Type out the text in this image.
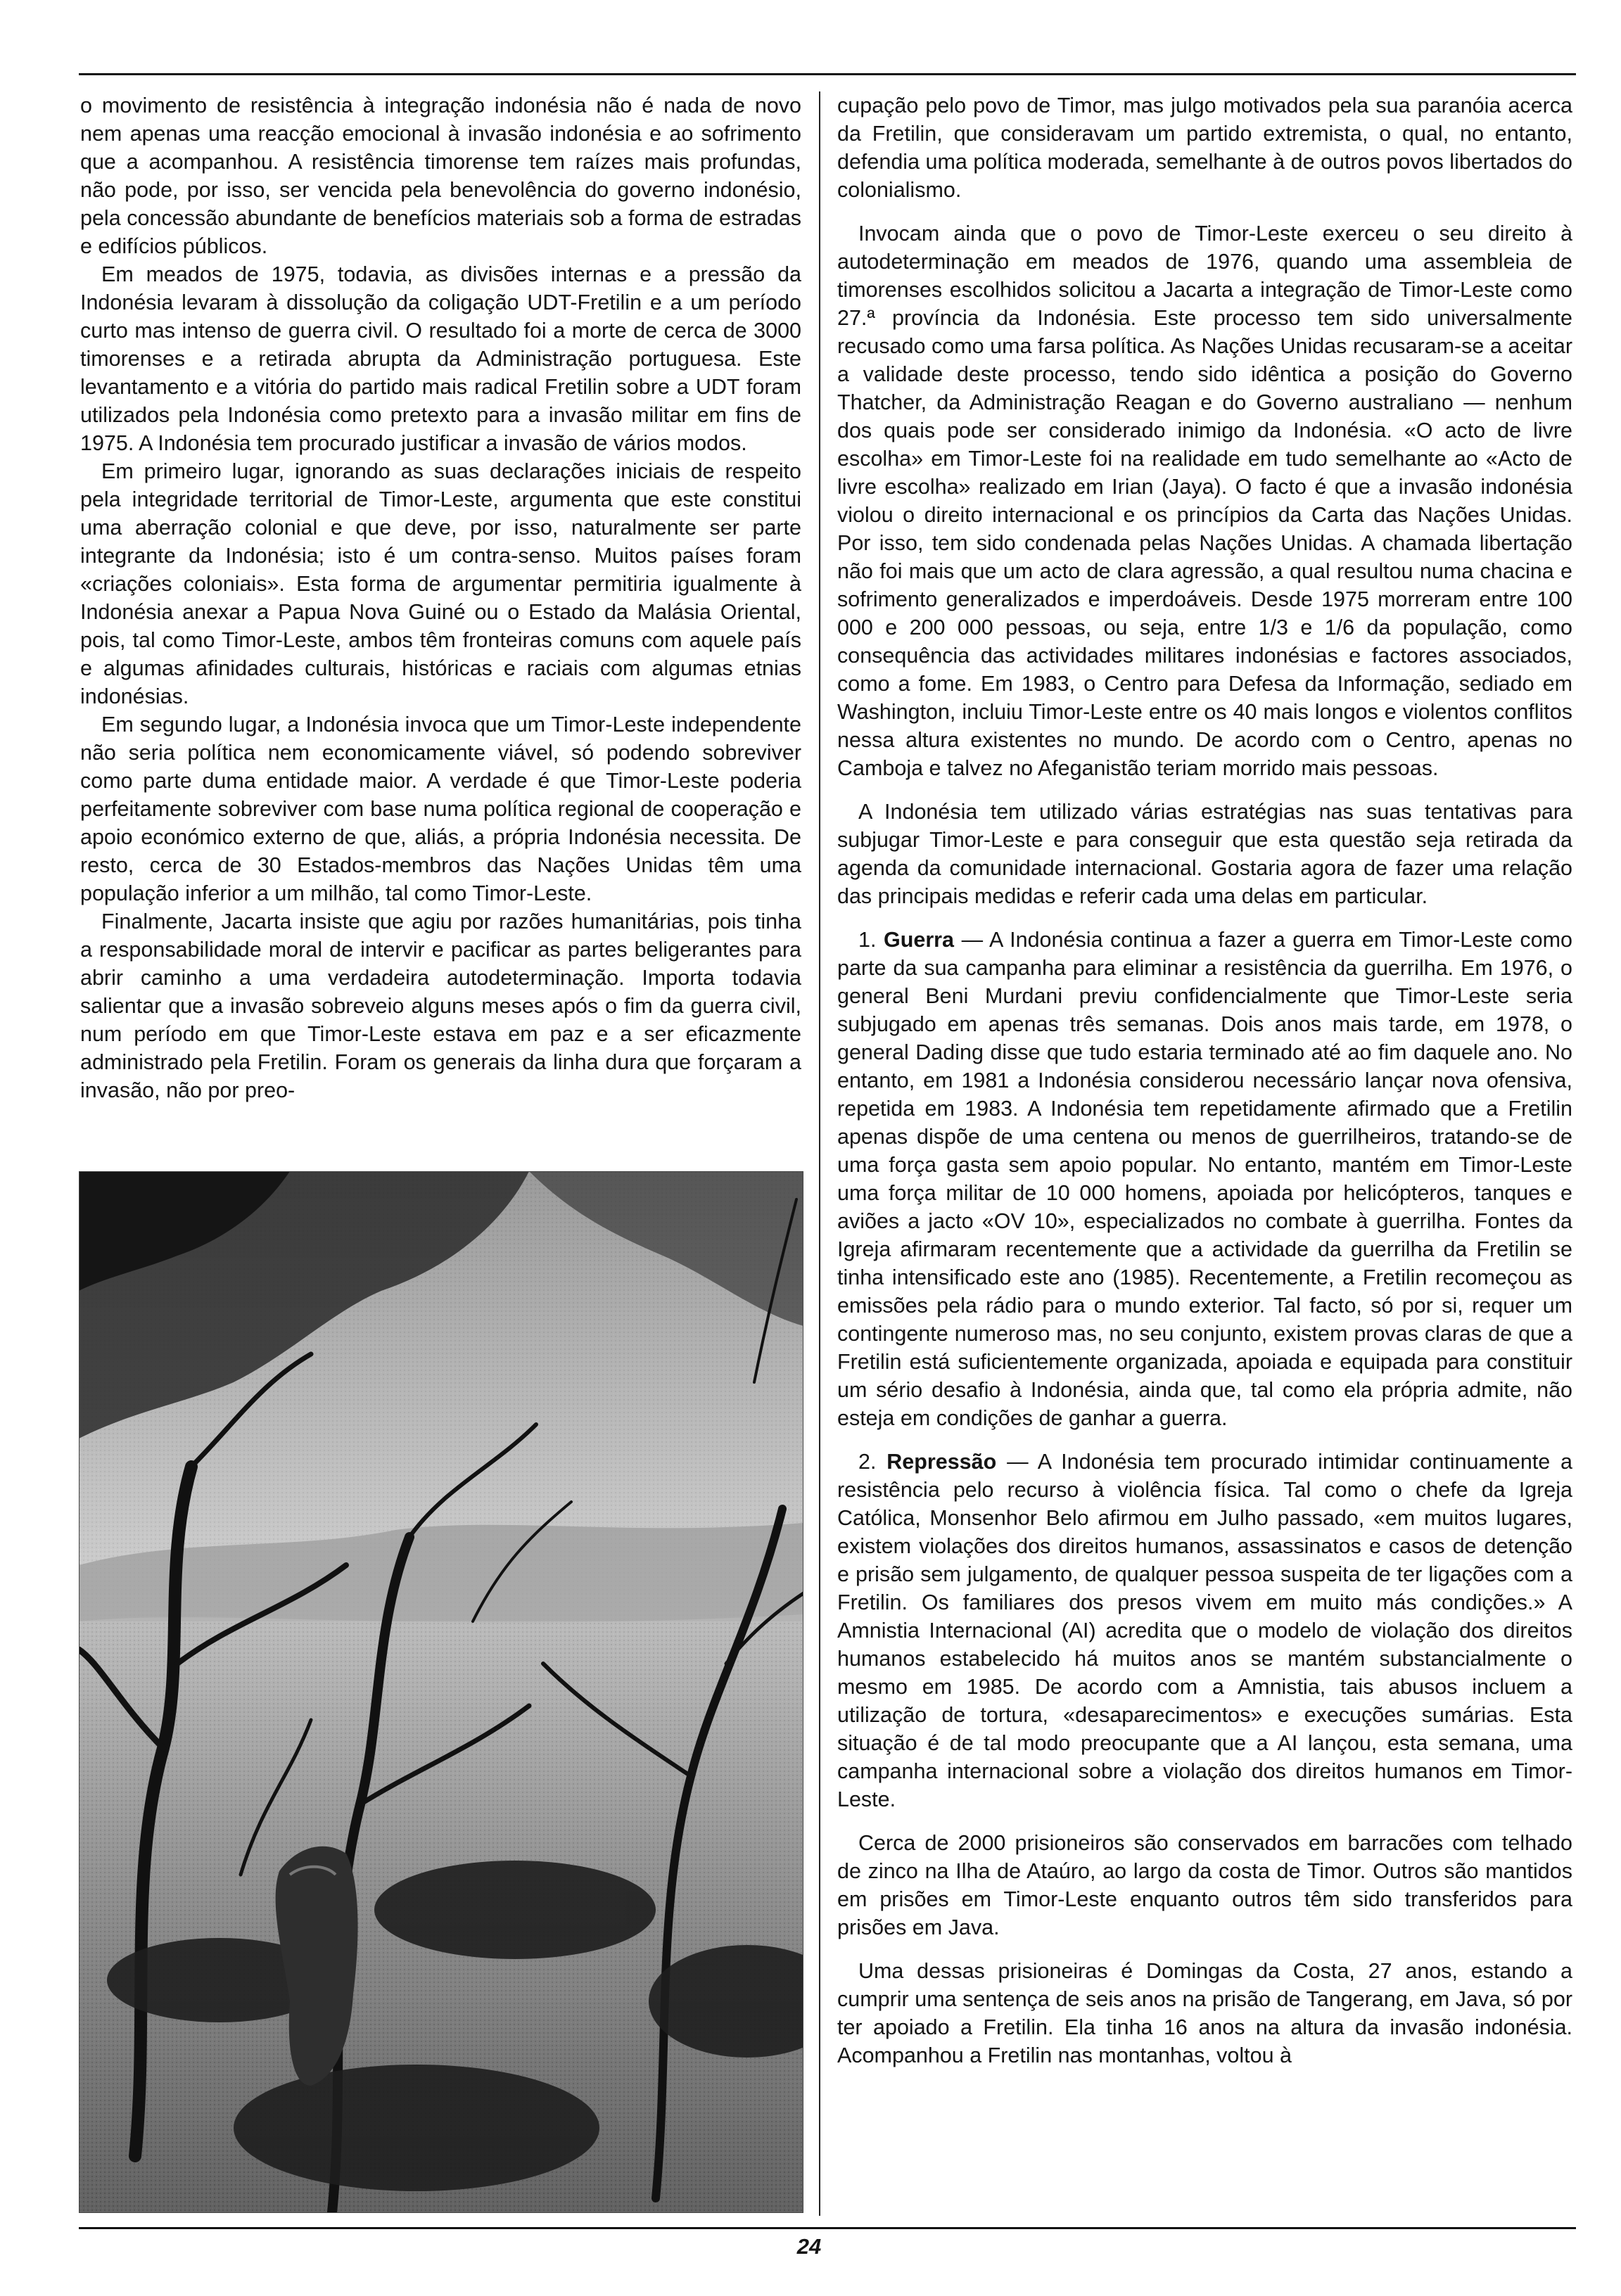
o movimento de resistência à integração indonésia não é nada de novo nem apenas uma reacção emocional à invasão indonésia e ao sofrimento que a acompanhou. A resistência timorense tem raízes mais profundas, não pode, por isso, ser vencida pela benevolência do governo indonésio, pela concessão abundante de benefícios materiais sob a forma de estradas e edifícios públicos.

Em meados de 1975, todavia, as divisões internas e a pressão da Indonésia levaram à dissolução da coligação UDT-Fretilin e a um período curto mas intenso de guerra civil. O resultado foi a morte de cerca de 3000 timorenses e a retirada abrupta da Administração portuguesa. Este levantamento e a vitória do partido mais radical Fretilin sobre a UDT foram utilizados pela Indonésia como pretexto para a invasão militar em fins de 1975. A Indonésia tem procurado justificar a invasão de vários modos.

Em primeiro lugar, ignorando as suas declarações iniciais de respeito pela integridade territorial de Timor-Leste, argumenta que este constitui uma aberração colonial e que deve, por isso, naturalmente ser parte integrante da Indonésia; isto é um contra-senso. Muitos países foram «criações coloniais». Esta forma de argumentar permitiria igualmente à Indonésia anexar a Papua Nova Guiné ou o Estado da Malásia Oriental, pois, tal como Timor-Leste, ambos têm fronteiras comuns com aquele país e algumas afinidades culturais, históricas e raciais com algumas etnias indonésias.

Em segundo lugar, a Indonésia invoca que um Timor-Leste independente não seria política nem economicamente viável, só podendo sobreviver como parte duma entidade maior. A verdade é que Timor-Leste poderia perfeitamente sobreviver com base numa política regional de cooperação e apoio económico externo de que, aliás, a própria Indonésia necessita. De resto, cerca de 30 Estados-membros das Nações Unidas têm uma população inferior a um milhão, tal como Timor-Leste.

Finalmente, Jacarta insiste que agiu por razões humanitárias, pois tinha a responsabilidade moral de intervir e pacificar as partes beligerantes para abrir caminho a uma verdadeira autodeterminação. Importa todavia salientar que a invasão sobreveio alguns meses após o fim da guerra civil, num período em que Timor-Leste estava em paz e a ser eficazmente administrado pela Fretilin. Foram os generais da linha dura que forçaram a invasão, não por preo-

cupação pelo povo de Timor, mas julgo motivados pela sua paranóia acerca da Fretilin, que consideravam um partido extremista, o qual, no entanto, defendia uma política moderada, semelhante à de outros povos libertados do colonialismo.

Invocam ainda que o povo de Timor-Leste exerceu o seu direito à autodeterminação em meados de 1976, quando uma assembleia de timorenses escolhidos solicitou a Jacarta a integração de Timor-Leste como 27.ª província da Indonésia. Este processo tem sido universalmente recusado como uma farsa política. As Nações Unidas recusaram-se a aceitar a validade deste processo, tendo sido idêntica a posição do Governo Thatcher, da Administração Reagan e do Governo australiano — nenhum dos quais pode ser considerado inimigo da Indonésia. «O acto de livre escolha» em Timor-Leste foi na realidade em tudo semelhante ao «Acto de livre escolha» realizado em Irian (Jaya). O facto é que a invasão indonésia violou o direito internacional e os princípios da Carta das Nações Unidas. Por isso, tem sido condenada pelas Nações Unidas. A chamada libertação não foi mais que um acto de clara agressão, a qual resultou numa chacina e sofrimento generalizados e imperdoáveis. Desde 1975 morreram entre 100 000 e 200 000 pessoas, ou seja, entre 1/3 e 1/6 da população, como consequência das actividades militares indonésias e factores associados, como a fome. Em 1983, o Centro para Defesa da Informação, sediado em Washington, incluiu Timor-Leste entre os 40 mais longos e violentos conflitos nessa altura existentes no mundo. De acordo com o Centro, apenas no Camboja e talvez no Afeganistão teriam morrido mais pessoas.

A Indonésia tem utilizado várias estratégias nas suas tentativas para subjugar Timor-Leste e para conseguir que esta questão seja retirada da agenda da comunidade internacional. Gostaria agora de fazer uma relação das principais medidas e referir cada uma delas em particular.

1. Guerra — A Indonésia continua a fazer a guerra em Timor-Leste como parte da sua campanha para eliminar a resistência da guerrilha. Em 1976, o general Beni Murdani previu confidencialmente que Timor-Leste seria subjugado em apenas três semanas. Dois anos mais tarde, em 1978, o general Dading disse que tudo estaria terminado até ao fim daquele ano. No entanto, em 1981 a Indonésia considerou necessário lançar nova ofensiva, repetida em 1983. A Indonésia tem repetidamente afirmado que a Fretilin apenas dispõe de uma centena ou menos de guerrilheiros, tratando-se de uma força gasta sem apoio popular. No entanto, mantém em Timor-Leste uma força militar de 10 000 homens, apoiada por helicópteros, tanques e aviões a jacto «OV 10», especializados no combate à guerrilha. Fontes da Igreja afirmaram recentemente que a actividade da guerrilha da Fretilin se tinha intensificado este ano (1985). Recentemente, a Fretilin recomeçou as emissões pela rádio para o mundo exterior. Tal facto, só por si, requer um contingente numeroso mas, no seu conjunto, existem provas claras de que a Fretilin está suficientemente organizada, apoiada e equipada para constituir um sério desafio à Indonésia, ainda que, tal como ela própria admite, não esteja em condições de ganhar a guerra.

2. Repressão — A Indonésia tem procurado intimidar continuamente a resistência pelo recurso à violência física. Tal como o chefe da Igreja Católica, Monsenhor Belo afirmou em Julho passado, «em muitos lugares, existem violações dos direitos humanos, assassinatos e casos de detenção e prisão sem julgamento, de qualquer pessoa suspeita de ter ligações com a Fretilin. Os familiares dos presos vivem em muito más condições.» A Amnistia Internacional (AI) acredita que o modelo de violação dos direitos humanos estabelecido há muitos anos se mantém substancialmente o mesmo em 1985. De acordo com a Amnistia, tais abusos incluem a utilização de tortura, «desaparecimentos» e execuções sumárias. Esta situação é de tal modo preocupante que a AI lançou, esta semana, uma campanha internacional sobre a violação dos direitos humanos em Timor-Leste.

Cerca de 2000 prisioneiros são conservados em barracões com telhado de zinco na Ilha de Ataúro, ao largo da costa de Timor. Outros são mantidos em prisões em Timor-Leste enquanto outros têm sido transferidos para prisões em Java.

Uma dessas prisioneiras é Domingas da Costa, 27 anos, estando a cumprir uma sentença de seis anos na prisão de Tangerang, em Java, só por ter apoiado a Fretilin. Ela tinha 16 anos na altura da invasão indonésia. Acompanhou a Fretilin nas montanhas, voltou à

24
